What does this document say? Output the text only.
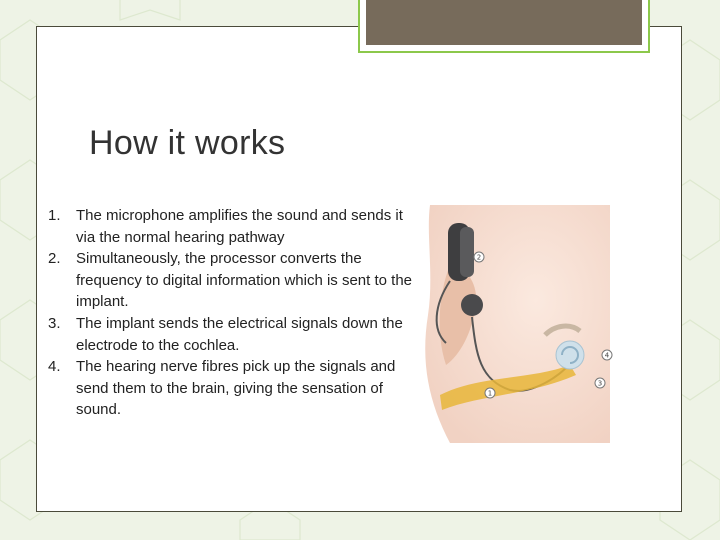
How it works
1. The microphone amplifies the sound and sends it via the normal hearing pathway
2. Simultaneously, the processor converts the frequency to digital information which is sent to the implant.
3. The implant sends the electrical signals down the electrode to the cochlea.
4. The hearing nerve fibres pick up the signals and send them to the brain, giving the sensation of sound.
1
2
3
4
